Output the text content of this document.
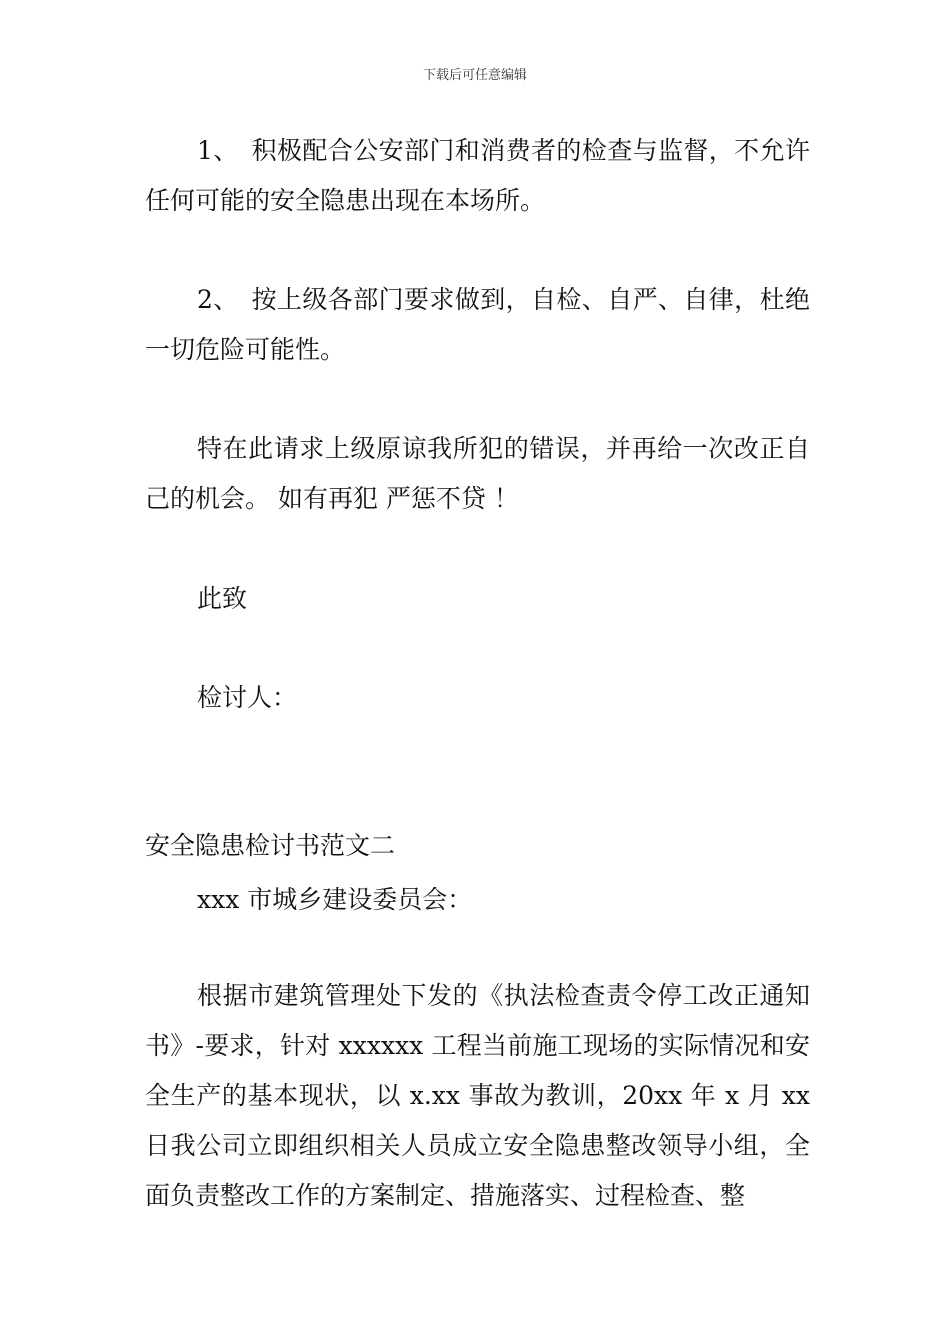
下载后可任意编辑

1、　积极配合公安部门和消费者的检查与监督，不允许任何可能的安全隐患出现在本场所。

2、　按上级各部门要求做到，自检、自严、自律，杜绝一切危险可能性。

特在此请求上级原谅我所犯的错误，并再给一次改正自己的机会。 如有再犯 严惩不贷 ！

此致
检讨人：
安全隐患检讨书范文二
xxx 市城乡建设委员会：

根据市建筑管理处下发的《执法检查责令停工改正通知书》-要求，针对 xxxxxx 工程当前施工现场的实际情况和安全生产的基本现状，以 x.xx 事故为教训，20xx 年 x 月 xx 日我公司立即组织相关人员成立安全隐患整改领导小组，全面负责整改工作的方案制定、措施落实、过程检查、整
